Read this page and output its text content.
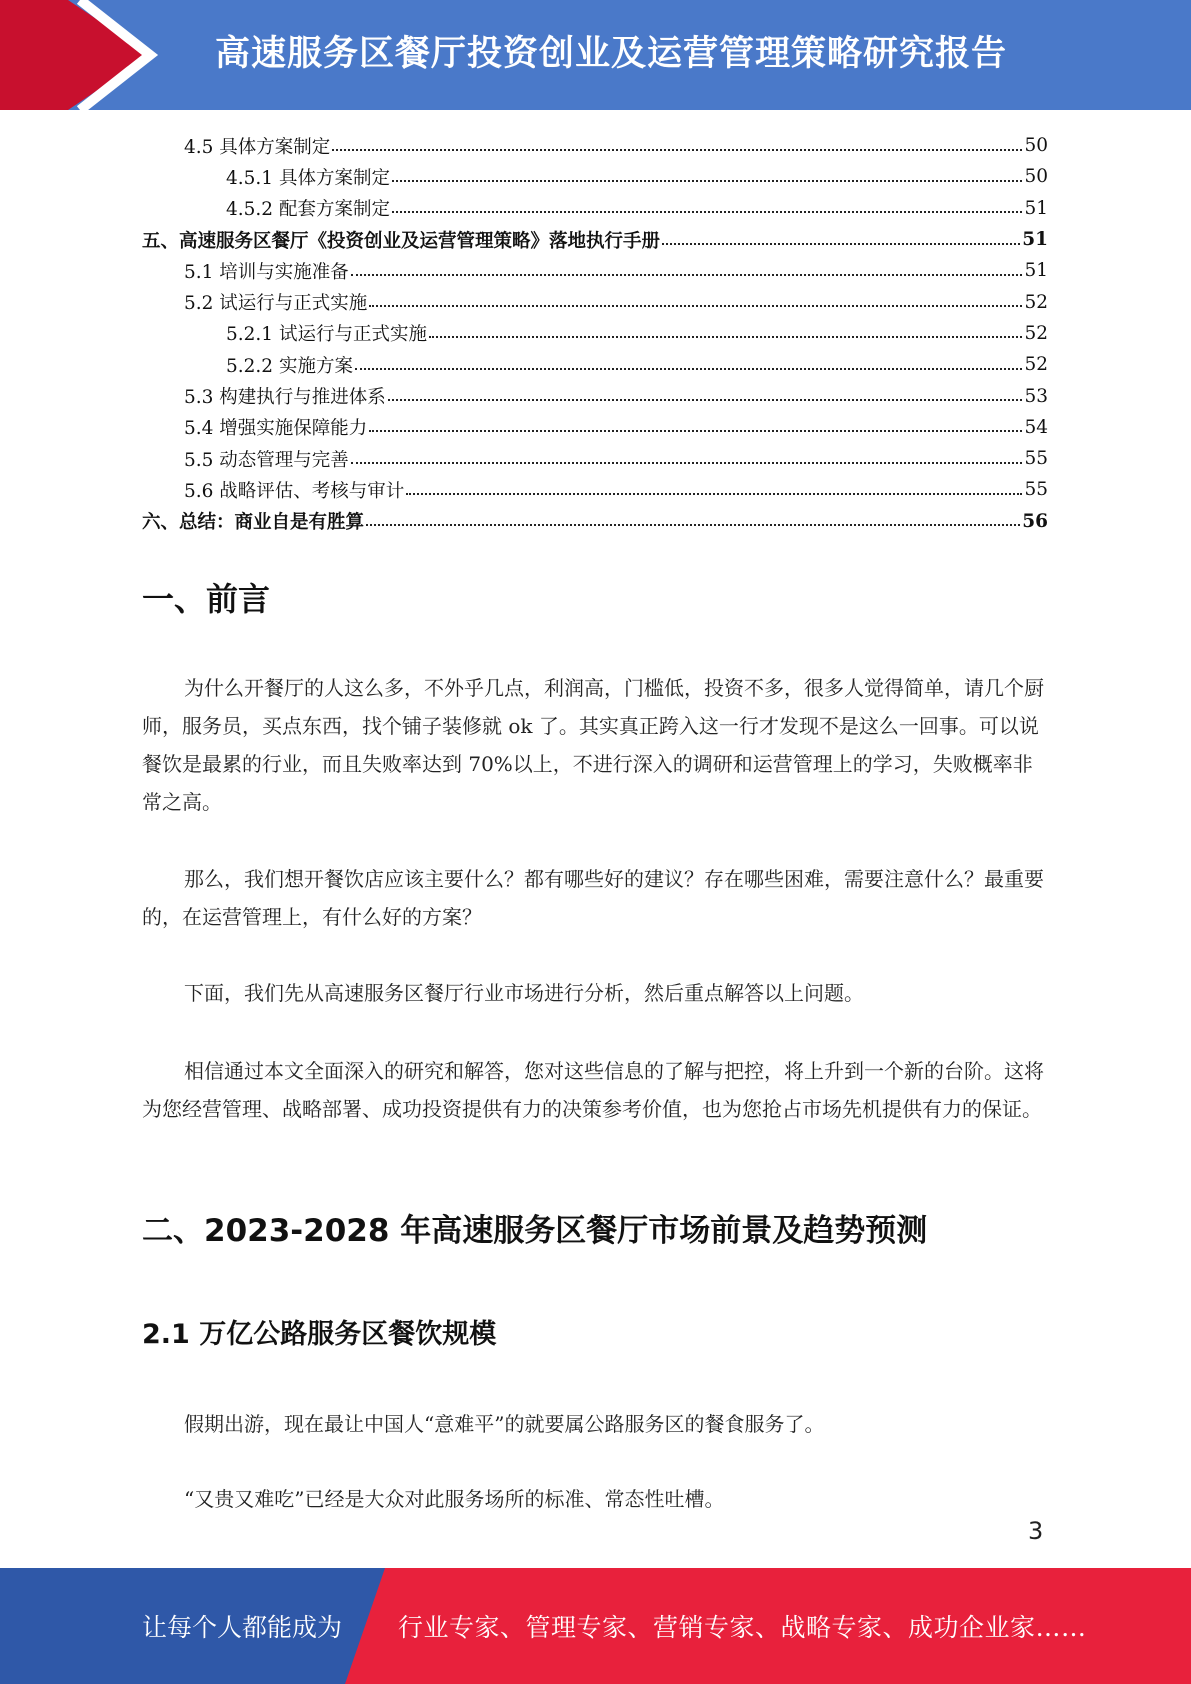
高速服务区餐厅投资创业及运营管理策略研究报告
4.5 具体方案制定	50
4.5.1 具体方案制定	50
4.5.2 配套方案制定	51
五、高速服务区餐厅《投资创业及运营管理策略》落地执行手册	51
5.1 培训与实施准备	51
5.2 试运行与正式实施	52
5.2.1 试运行与正式实施	52
5.2.2 实施方案	52
5.3 构建执行与推进体系	53
5.4 增强实施保障能力	54
5.5 动态管理与完善	55
5.6 战略评估、考核与审计	55
六、总结：商业自是有胜算	56
一、前言

为什么开餐厅的人这么多，不外乎几点，利润高，门槛低，投资不多，很多人觉得简单，请几个厨师，服务员，买点东西，找个铺子装修就 ok 了。其实真正跨入这一行才发现不是这么一回事。可以说餐饮是最累的行业，而且失败率达到 70%以上，不进行深入的调研和运营管理上的学习，失败概率非常之高。

那么，我们想开餐饮店应该主要什么？都有哪些好的建议？存在哪些困难，需要注意什么？最重要的，在运营管理上，有什么好的方案？

下面，我们先从高速服务区餐厅行业市场进行分析，然后重点解答以上问题。

相信通过本文全面深入的研究和解答，您对这些信息的了解与把控，将上升到一个新的台阶。这将为您经营管理、战略部署、成功投资提供有力的决策参考价值，也为您抢占市场先机提供有力的保证。

二、2023-2028 年高速服务区餐厅市场前景及趋势预测
2.1 万亿公路服务区餐饮规模

假期出游，现在最让中国人“意难平”的就要属公路服务区的餐食服务了。

“又贵又难吃”已经是大众对此服务场所的标准、常态性吐槽。

3
让每个人都能成为 行业专家、管理专家、营销专家、战略专家、成功企业家……
